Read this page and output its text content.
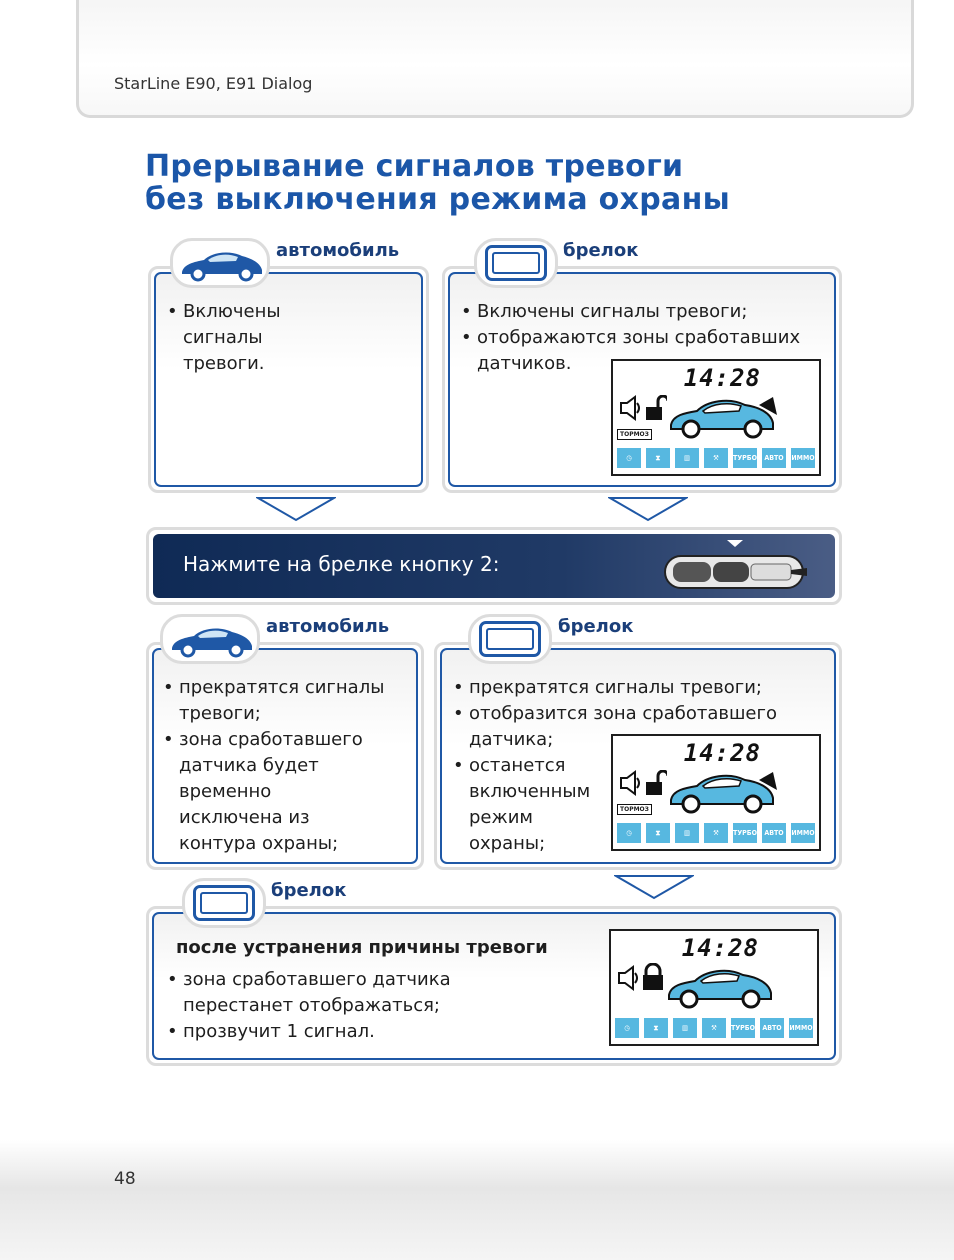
StarLine E90, E91 Dialog
Прерывание сигналов тревоги
без выключения режима охраны
• Включены
сигналы
тревоги.
автомобиль
• Включены сигналы тревоги;
• отображаются зоны сработавших
датчиков.
14:28
ТОРМОЗ
◷	⧗	▥	⚒	ТУРБО	АВТО	ИММО
брелок
Нажмите на брелке кнопку 2:
• прекратятся сигналы
тревоги;
• зона сработавшего
датчика будет
временно
исключена из
контура охраны;
автомобиль
• прекратятся сигналы тревоги;
• отобразится зона сработавшего
датчика;
• останется
включенным
режим
охраны;
14:28
ТОРМОЗ
◷	⧗	▥	⚒	ТУРБО	АВТО	ИММО
брелок
• зона сработавшего датчика
перестанет отображаться;
• прозвучит 1 сигнал.
14:28
◷	⧗	▥	⚒	ТУРБО	АВТО	ИММО
после устранения причины тревоги
брелок
48
